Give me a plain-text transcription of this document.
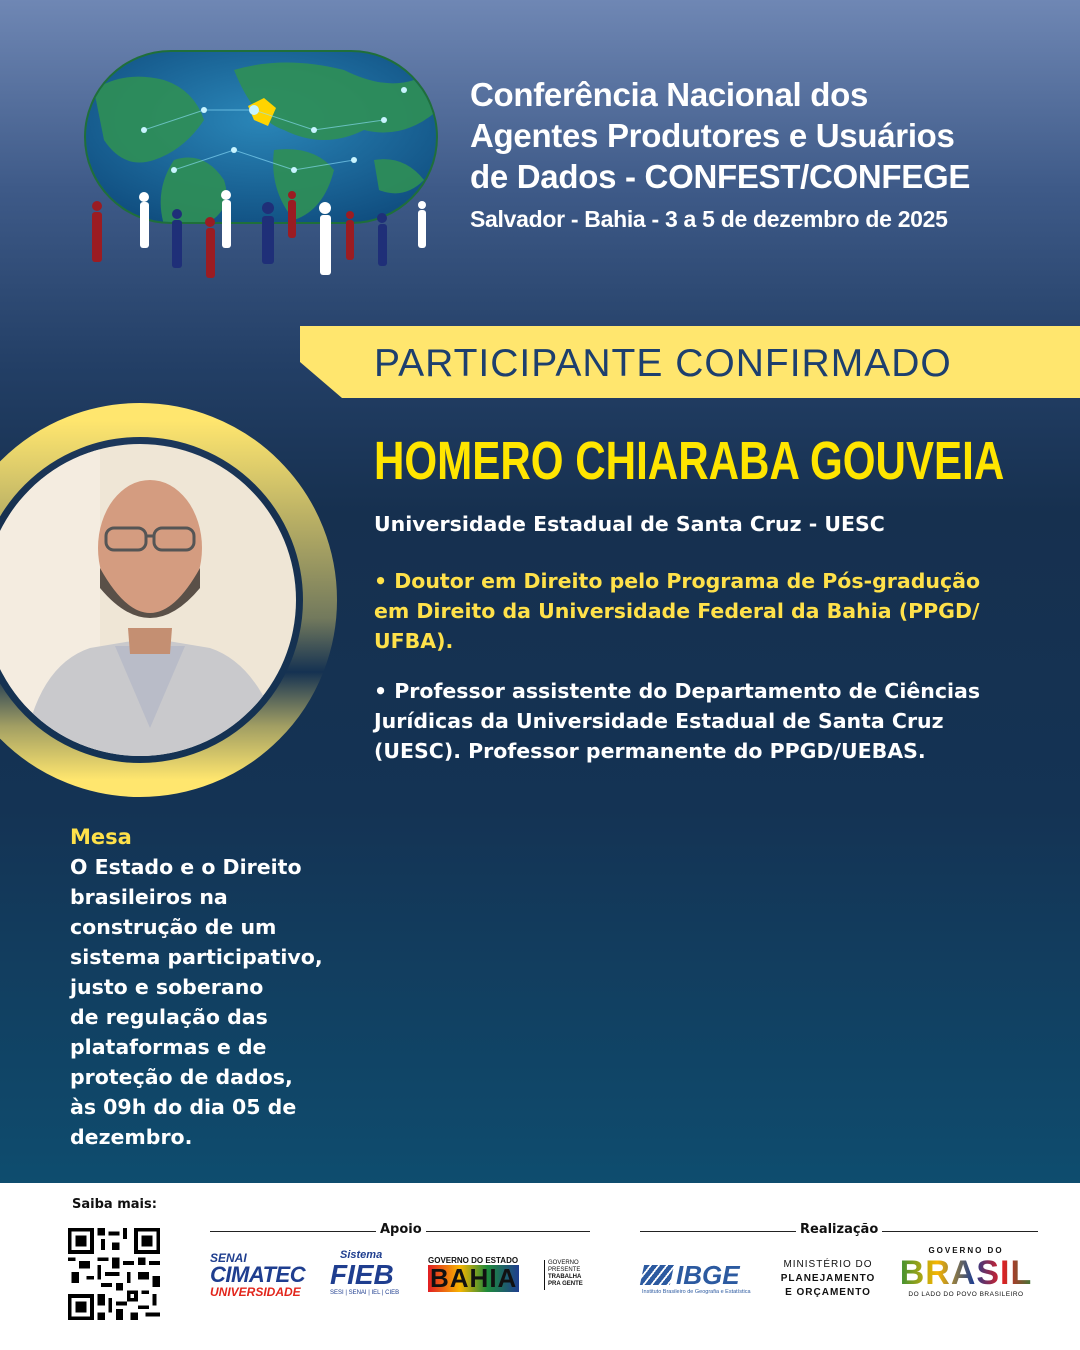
Conferência Nacional dos
Agentes Produtores e Usuários
de Dados - CONFEST/CONFEGE
Salvador - Bahia - 3 a 5 de dezembro de 2025
PARTICIPANTE CONFIRMADO
HOMERO CHIARABA GOUVEIA
Universidade Estadual de Santa Cruz - UESC

• Doutor em Direito pelo Programa de Pós-gradução
em Direito da Universidade Federal da Bahia (PPGD/
UFBA).

• Professor assistente do Departamento de Ciências
Jurídicas da Universidade Estadual de Santa Cruz
(UESC). Professor permanente do PPGD/UEBAS.

Mesa
O Estado e o Direito
brasileiros na
construção de um
sistema participativo,
justo e soberano
de regulação das
plataformas e de
proteção de dados,
às 09h do dia 05 de
dezembro.
Saiba mais:
Apoio	Realização
SENAI
CIMATEC
UNIVERSIDADE
Sistema
FIEB
SESI | SENAI | IEL | CIEB
GOVERNO DO ESTADO
BAHIA	GOVERNO
PRESENTE
TRABALHA
PRA GENTE	IBGE
Instituto Brasileiro de Geografia e Estatística
MINISTÉRIO DO
PLANEJAMENTO
E ORÇAMENTO
GOVERNO DO
BRASIL
DO LADO DO POVO BRASILEIRO
